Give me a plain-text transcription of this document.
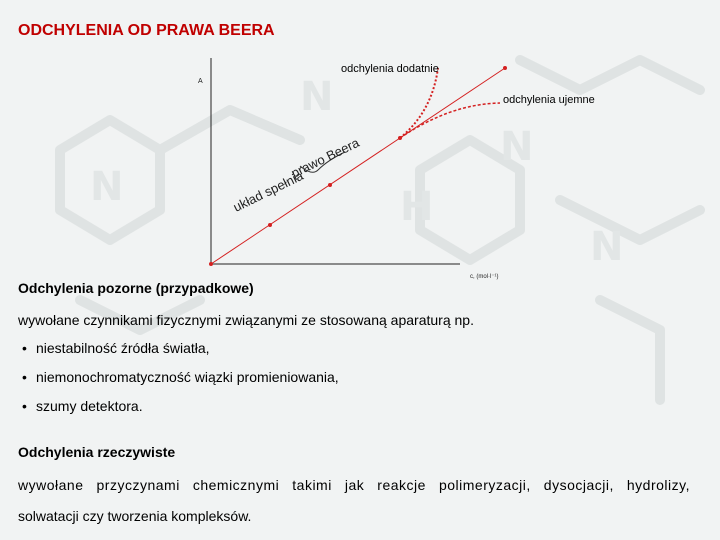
N
N
N
H
N
ODCHYLENIA OD PRAWA BEERA
A
c, (mol·l⁻¹)
odchylenia dodatnie
odchylenia ujemne
układ spełnia
prawo Beera
Odchylenia pozorne (przypadkowe)

wywołane czynnikami fizycznymi związanymi ze stosowaną aparaturą np.

• niestabilność źródła światła,
• niemonochromatyczność wiązki promieniowania,
• szumy detektora.
Odchylenia rzeczywiste

wywołane przyczynami chemicznymi takimi jak reakcje polimeryzacji, dysocjacji, hydrolizy,

solwatacji czy tworzenia kompleksów.
